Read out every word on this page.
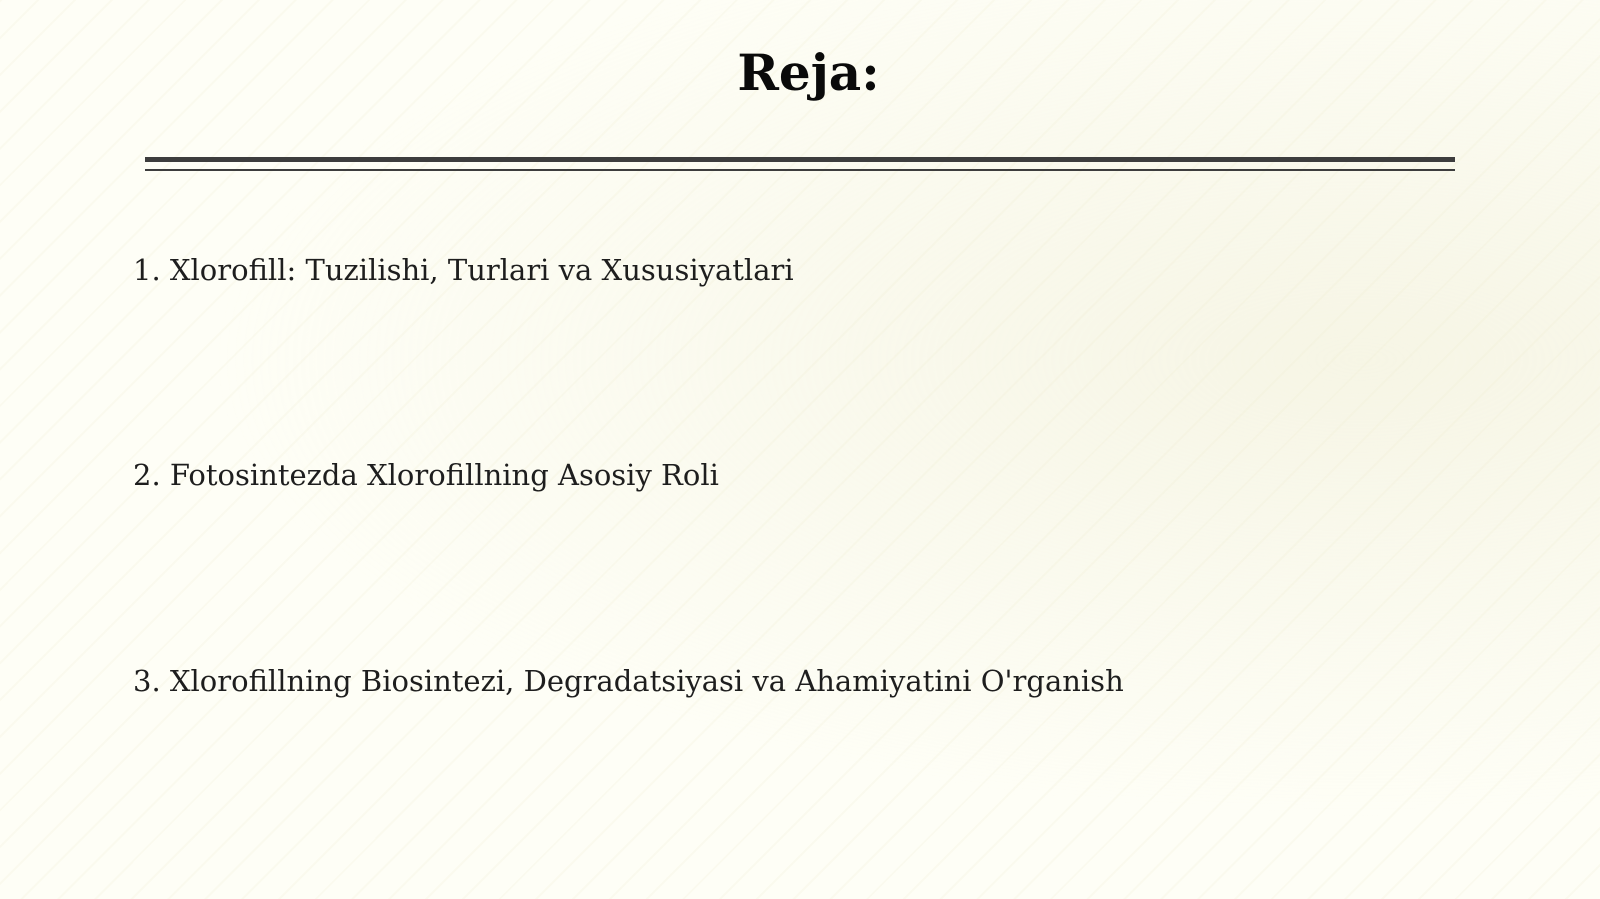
Reja:
1. Xlorofill: Tuzilishi, Turlari va Xususiyatlari
2. Fotosintezda Xlorofillning Asosiy Roli
3. Xlorofillning Biosintezi, Degradatsiyasi va Ahamiyatini O'rganish
